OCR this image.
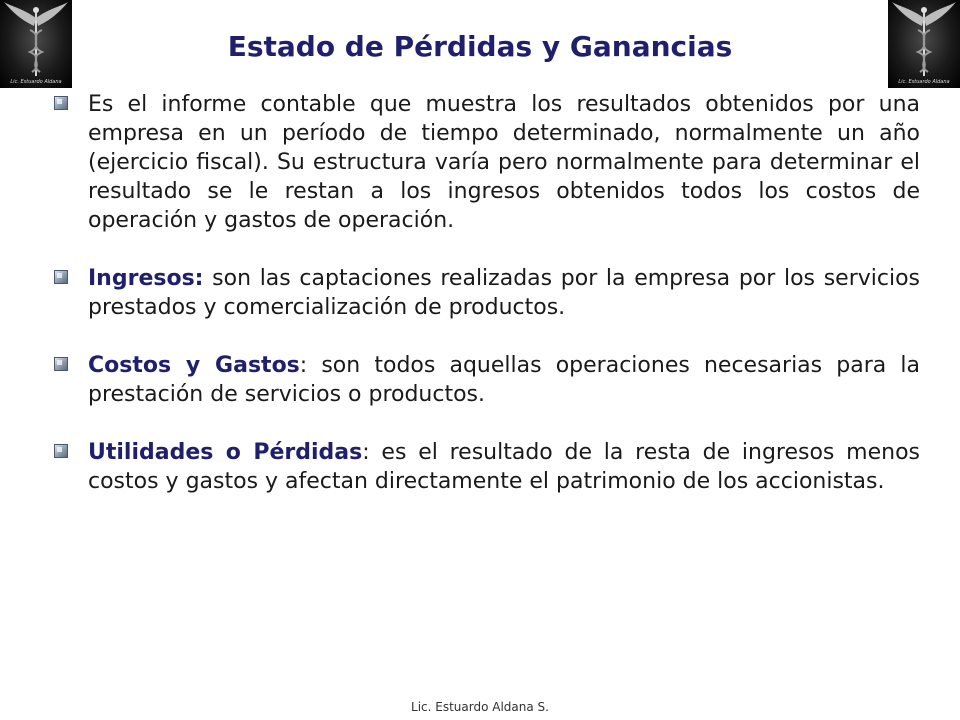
Lic. Estuardo Aldana	Lic. Estuardo Aldana
Estado de Pérdidas y Ganancias
Es el informe contable que muestra los resultados obtenidos por una empresa en un período de tiempo determinado, normalmente un año (ejercicio fiscal). Su estructura varía pero normalmente para determinar el resultado se le restan a los ingresos obtenidos todos los costos de operación y gastos de operación.
Ingresos: son las captaciones realizadas por la empresa por los servicios prestados y comercialización de productos.
Costos y Gastos: son todos aquellas operaciones necesarias para la prestación de servicios o productos.
Utilidades o Pérdidas: es el resultado de la resta de ingresos menos costos y gastos y afectan directamente el patrimonio de los accionistas.
Lic. Estuardo Aldana S.
